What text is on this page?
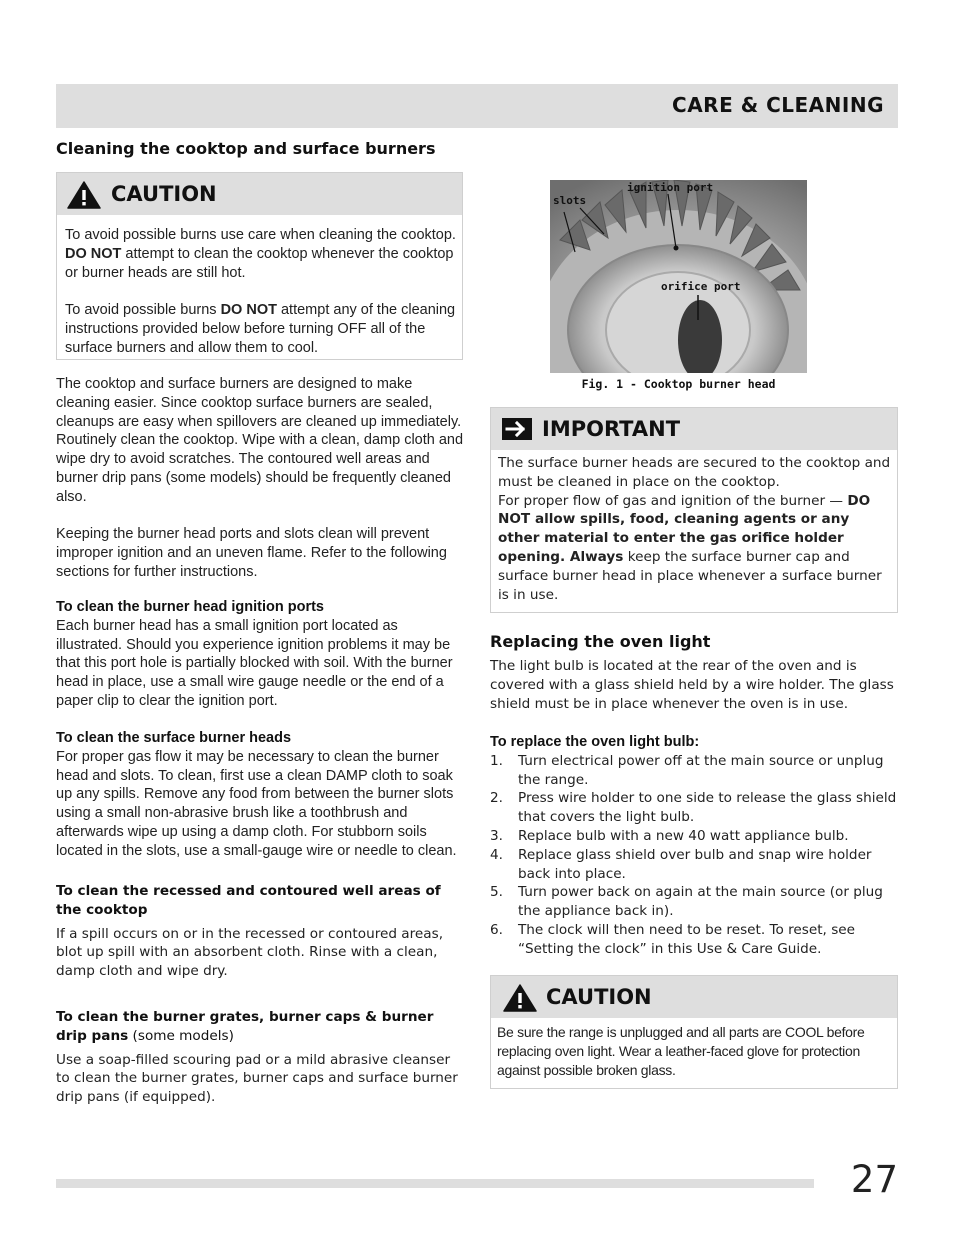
CARE & CLEANING
Cleaning the cooktop and surface burners
CAUTION

To avoid possible burns use care when cleaning the cooktop. DO NOT attempt to clean the cooktop whenever the cooktop or burner heads are still hot.

To avoid possible burns DO NOT attempt any of the cleaning instructions provided below before turning OFF all of the surface burners and allow them to cool.

The cooktop and surface burners are designed to make cleaning easier. Since cooktop surface burners are sealed, cleanups are easy when spillovers are cleaned up immediately. Routinely clean the cooktop. Wipe with a clean, damp cloth and wipe dry to avoid scratches. The contoured well areas and burner drip pans (some models) should be frequently cleaned also.
Keeping the burner head ports and slots clean will prevent improper ignition and an uneven flame. Refer to the following sections for further instructions.

To clean the burner head ignition ports

Each burner head has a small ignition port located as illustrated. Should you experience ignition problems it may be that this port hole is partially blocked with soil. With the burner head in place, use a small wire gauge needle or the end of a paper clip to clear the ignition port.

To clean the surface burner heads

For proper gas flow it may be necessary to clean the burner head and slots. To clean, first use a clean DAMP cloth to soak up any spills. Remove any food from between the burner slots using a small non-abrasive brush like a toothbrush and afterwards wipe up using a damp cloth. For stubborn soils located in the slots, use a small-gauge wire or needle to clean.

To clean the recessed and contoured well areas of the cooktop

If a spill occurs on or in the recessed or contoured areas, blot up spill with an absorbent cloth. Rinse with a clean, damp cloth and wipe dry.

To clean the burner grates, burner caps & burner drip pans (some models)

Use a soap-filled scouring pad or a mild abrasive cleanser to clean the burner grates, burner caps and surface burner drip pans (if equipped).

ignition port
slots
orifice port
Fig. 1 - Cooktop burner head
IMPORTANT

The surface burner heads are secured to the cooktop and must be cleaned in place on the cooktop.

For proper flow of gas and ignition of the burner — DO NOT allow spills, food, cleaning agents or any other material to enter the gas orifice holder opening. Always keep the surface burner cap and surface burner head in place whenever a surface burner is in use.

Replacing the oven light
The light bulb is located at the rear of the oven and is covered with a glass shield held by a wire holder. The glass shield must be in place whenever the oven is in use.

To replace the oven light bulb:

1. Turn electrical power off at the main source or unplug the range.
2. Press wire holder to one side to release the glass shield that covers the light bulb.
3. Replace bulb with a new 40 watt appliance bulb.
4. Replace glass shield over bulb and snap wire holder back into place.
5. Turn power back on again at the main source (or plug the appliance back in).
6. The clock will then need to be reset. To reset, see “Setting the clock” in this Use & Care Guide.
CAUTION
Be sure the range is unplugged and all parts are COOL before replacing oven light. Wear a leather-faced glove for protection against possible broken glass.
27
